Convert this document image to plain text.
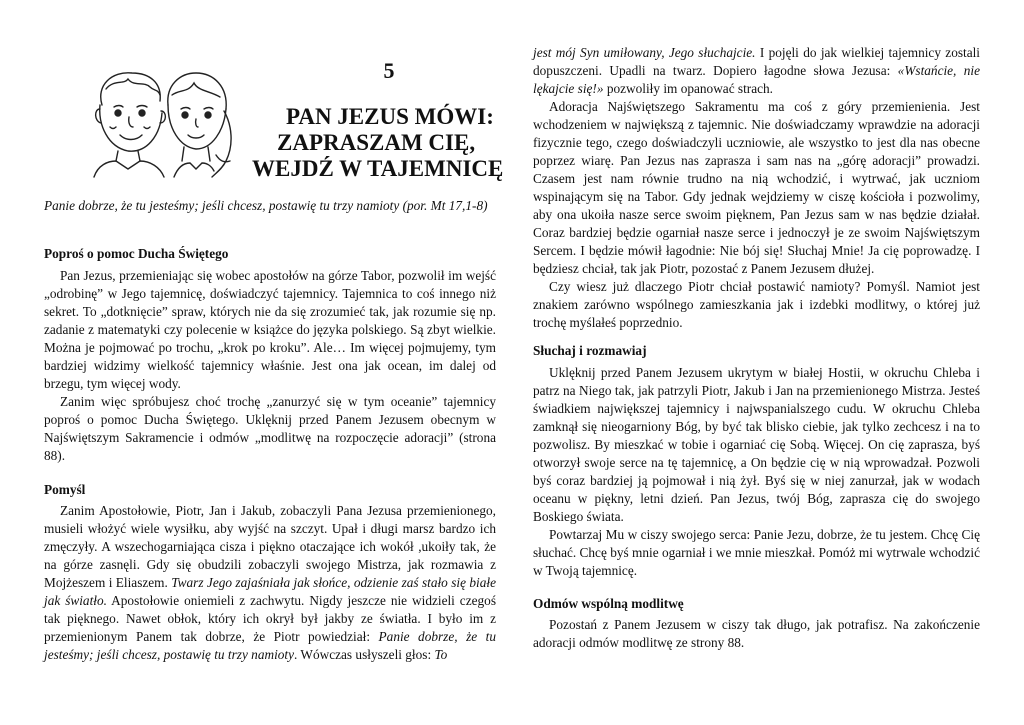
5
PAN JEZUS MÓWI:
ZAPRASZAM CIĘ,
WEJDŹ W TAJEMNICĘ

Panie dobrze, że tu jesteśmy; jeśli chcesz, postawię tu trzy namioty (por. Mt 17,1-8)

Poproś o pomoc Ducha Świętego

Pan Jezus, przemieniając się wobec apostołów na górze Tabor, pozwolił im wejść „odrobinę” w Jego tajemnicę, doświadczyć tajemnicy. Tajemnica to coś innego niż sekret. To „dotknięcie” spraw, których nie da się zrozumieć tak, jak rozumie się np. zadanie z matematyki czy polecenie w książce do języka polskiego. Są zbyt wielkie. Można je pojmować po trochu, „krok po kroku”. Ale… Im więcej pojmujemy, tym bardziej widzimy wielkość tajemnicy właśnie. Jest ona jak ocean, im dalej od brzegu, tym więcej wody.

Zanim więc spróbujesz choć trochę „zanurzyć się w tym oceanie” tajemnicy poproś o pomoc Ducha Świętego. Uklęknij przed Panem Jezusem obecnym w Najświętszym Sakramencie i odmów „modlitwę na rozpoczęcie adoracji” (strona 88).

Pomyśl

Zanim Apostołowie, Piotr, Jan i Jakub, zobaczyli Pana Jezusa przemienionego, musieli włożyć wiele wysiłku, aby wyjść na szczyt. Upał i długi marsz bardzo ich zmęczyły. A wszechogarniająca cisza i piękno otaczające ich wokół ,ukoiły tak, że na górze zasnęli. Gdy się obudzili zobaczyli swojego Mistrza, jak rozmawia z Mojżeszem i Eliaszem. Twarz Jego zajaśniała jak słońce, odzienie zaś stało się białe jak światło. Apostołowie oniemieli z zachwytu. Nigdy jeszcze nie widzieli czegoś tak pięknego. Nawet obłok, który ich okrył był jakby ze światła. I było im z przemienionym Panem tak dobrze, że Piotr powiedział: Panie dobrze, że tu jesteśmy; jeśli chcesz, postawię tu trzy namioty. Wówczas usłyszeli głos: To

jest mój Syn umiłowany, Jego słuchajcie. I pojęli do jak wielkiej tajemnicy zostali dopuszczeni. Upadli na twarz. Dopiero łagodne słowa Jezusa: «Wstańcie, nie lękajcie się!» pozwoliły im opanować strach.

Adoracja Najświętszego Sakramentu ma coś z góry przemienienia. Jest wchodzeniem w największą z tajemnic. Nie doświadczamy wprawdzie na adoracji fizycznie tego, czego doświadczyli uczniowie, ale wszystko to jest dla nas obecne poprzez wiarę. Pan Jezus nas zaprasza i sam nas na „górę adoracji” prowadzi. Czasem jest nam równie trudno na nią wchodzić, i wytrwać, jak uczniom wspinającym się na Tabor. Gdy jednak wejdziemy w ciszę kościoła i pozwolimy, aby ona ukoiła nasze serce swoim pięknem, Pan Jezus sam w nas będzie działał. Coraz bardziej będzie ogarniał nasze serce i jednoczył je ze swoim Najświętszym Sercem. I będzie mówił łagodnie: Nie bój się! Słuchaj Mnie! Ja cię poprowadzę. I będziesz chciał, tak jak Piotr, pozostać z Panem Jezusem dłużej.

Czy wiesz już dlaczego Piotr chciał postawić namioty? Pomyśl. Namiot jest znakiem zarówno wspólnego zamieszkania jak i izdebki modlitwy, o której już trochę myślałeś poprzednio.

Słuchaj i rozmawiaj

Uklęknij przed Panem Jezusem ukrytym w białej Hostii, w okruchu Chleba i patrz na Niego tak, jak patrzyli Piotr, Jakub i Jan na przemienionego Mistrza. Jesteś świadkiem największej tajemnicy i najwspanialszego cudu. W okruchu Chleba zamknął się nieogarniony Bóg, by być tak blisko ciebie, jak tylko zechcesz i na to pozwolisz. By mieszkać w tobie i ogarniać cię Sobą. Więcej. On cię zaprasza, byś otworzył swoje serce na tę tajemnicę, a On będzie cię w nią wprowadzał. Pozwoli byś coraz bardziej ją pojmował i nią żył. Byś się w niej zanurzał, jak w wodach oceanu w piękny, letni dzień. Pan Jezus, twój Bóg, zaprasza cię do swojego Boskiego świata.

Powtarzaj Mu w ciszy swojego serca: Panie Jezu, dobrze, że tu jestem. Chcę Cię słuchać. Chcę byś mnie ogarniał i we mnie mieszkał. Pomóż mi wytrwale wchodzić w Twoją tajemnicę.

Odmów wspólną modlitwę

Pozostań z Panem Jezusem w ciszy tak długo, jak potrafisz. Na zakończenie adoracji odmów modlitwę ze strony 88.
